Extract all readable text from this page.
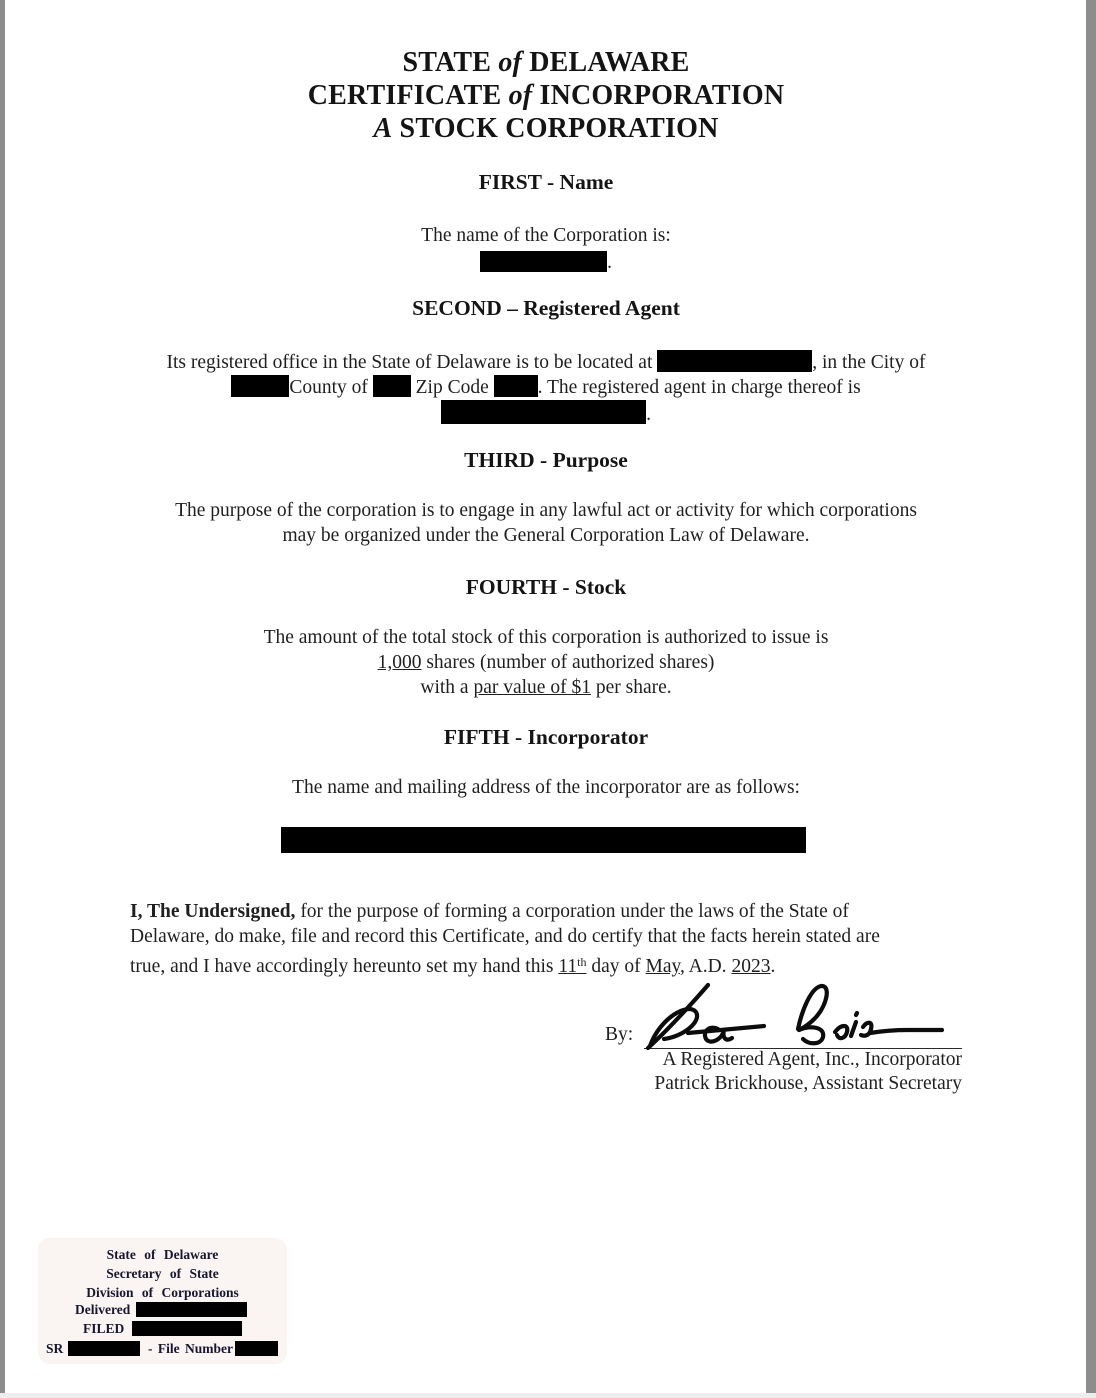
STATE of DELAWARE
CERTIFICATE of INCORPORATION
A STOCK CORPORATION
FIRST - Name
The name of the Corporation is:
.
SECOND – Registered Agent
Its registered office in the State of Delaware is to be located at	, in the City of
County of  Zip Code . The registered agent in charge thereof is
.
THIRD - Purpose
The purpose of the corporation is to engage in any lawful act or activity for which corporations
may be organized under the General Corporation Law of Delaware.
FOURTH - Stock
The amount of the total stock of this corporation is authorized to issue is
1,000 shares (number of authorized shares)
with a par value of $1 per share.
FIFTH - Incorporator
The name and mailing address of the incorporator are as follows:
I, The Undersigned, for the purpose of forming a corporation under the laws of the State of
Delaware, do make, file and record this Certificate, and do certify that the facts herein stated are
true, and I have accordingly hereunto set my hand this 11th day of May, A.D. 2023.
By:
A Registered Agent, Inc., Incorporator
Patrick Brickhouse, Assistant Secretary
State of Delaware
Secretary of State
Division of Corporations
Delivered
FILED
SR	- File Number
